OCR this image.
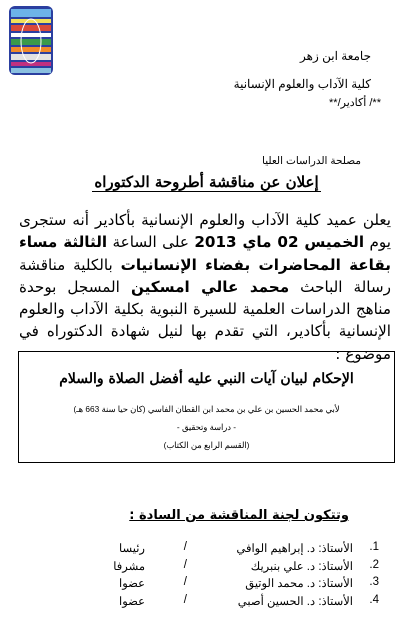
جامعة ابن زهر
كلية الآداب والعلوم الإنسانية
**/ أكادير/**
مصلحة الدراسات العليا
إعلان عن مناقشة أطروحة الدكتوراه
يعلن عميد كلية الآداب والعلوم الإنسانية بأكادير أنه ستجرى يوم الخميس 02 ماي 2013 على الساعة الثالثة مساء بقاعة المحاضرات بفضاء الإنسانيات بالكلية مناقشة رسالة الباحث محمد عالي امسكين المسجل بوحدة مناهج الدراسات العلمية للسيرة النبوية بكلية الآداب والعلوم الإنسانية بأكادير، التي تقدم بها لنيل شهادة الدكتوراه في موضوع :
الإحكام لبيان آيات النبي عليه أفضل الصلاة والسلام
لأبي محمد الحسين بن علي بن محمد ابن القطان الفاسي (كان حيا سنة 663 هـ)
- دراسة وتحقيق -
(القسم الرابع من الكتاب)
وتتكون لجنة المناقشة من السادة :
1.
الأستاذ: د. إبراهيم الوافي
/
رئيسا
2.
الأستاذ: د. علي بنبريك
/
مشرفا
3.
الأستاذ: د. محمد الوتيق
/
عضوا
4.
الأستاذ: د. الحسين أصبي
/
عضوا
